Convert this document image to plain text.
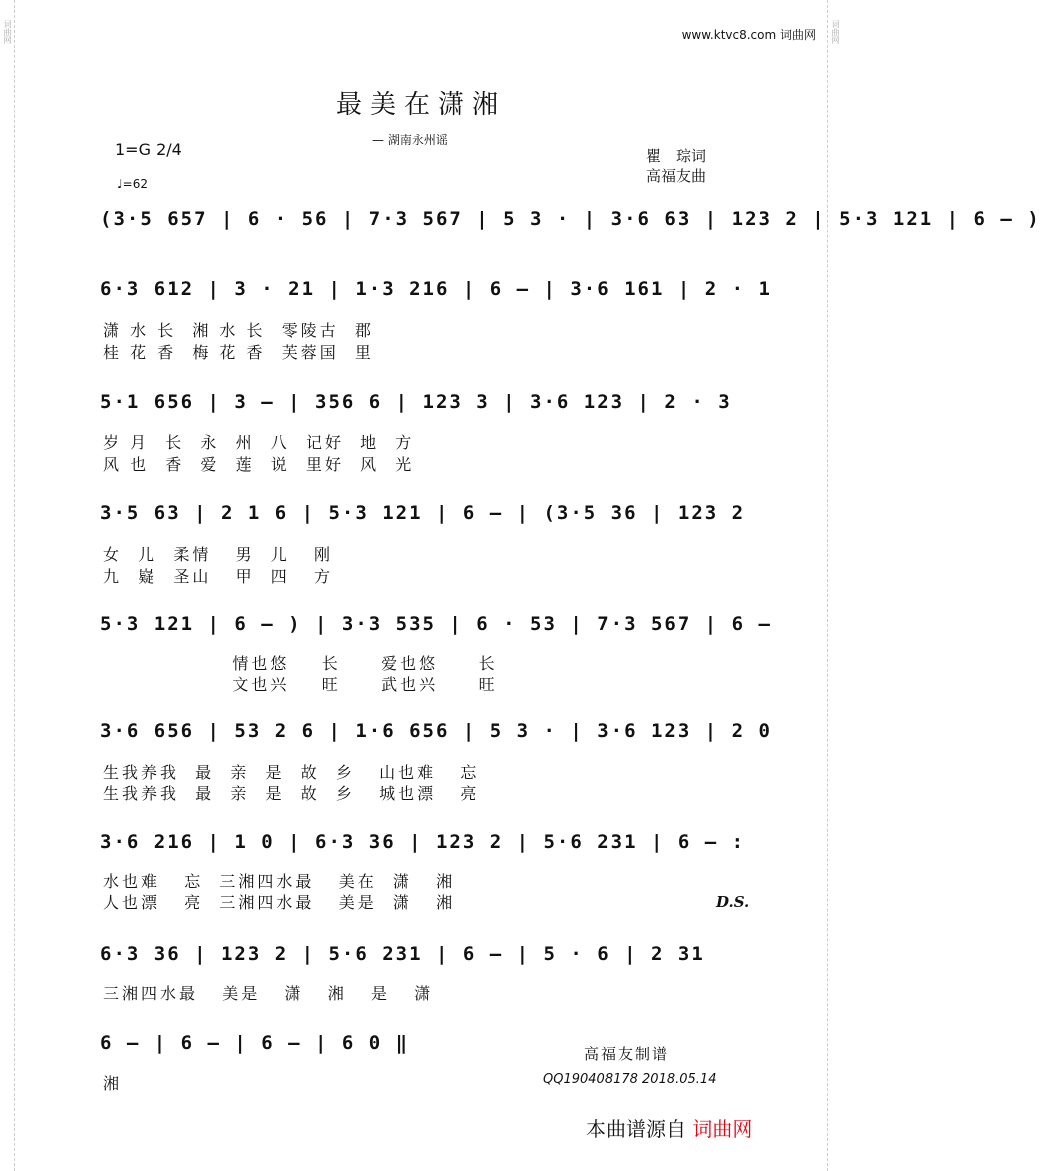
词曲网	词曲网
www.ktvc8.com 词曲网
最美在潇湘
— 湖南永州谣
1=G 2/4
♩=62
瞿　琮词
高福友曲
(3·5 657 | 6 · 56 | 7·3 567 | 5 3 · | 3·6 63 | 123 2 | 5·3 121 | 6 – )
6·3 612 | 3 · 21 | 1·3 216 | 6 – | 3·6 161 | 2 · 1
潇 水 长  湘 水 长  零陵古  郡
桂 花 香  梅 花 香  芙蓉国  里
5·1 656 | 3 – | 356 6 | 123 3 | 3·6 123 | 2 · 3
岁 月  长  永  州  八  记好  地  方
风 也  香  爱  莲  说  里好  风  光
3·5 63 | 2 1 6 | 5·3 121 | 6 – | (3·5 36 | 123 2
女  儿  柔情   男  儿   刚
九  嶷  圣山   甲  四   方
5·3 121 | 6 – ) | 3·3 535 | 6 · 53 | 7·3 567 | 6 –
情也悠    长     爱也悠     长
文也兴    旺     武也兴     旺
3·6 656 | 53 2 6 | 1·6 656 | 5 3 · | 3·6 123 | 2 0
生我养我  最  亲  是  故  乡   山也难   忘
生我养我  最  亲  是  故  乡   城也漂   亮
3·6 216 | 1 0 | 6·3 36 | 123 2 | 5·6 231 | 6 – :
水也难   忘  三湘四水最   美在  潇   湘
人也漂   亮  三湘四水最   美是  潇   湘	D.S.
6·3 36 | 123 2 | 5·6 231 | 6 – | 5 · 6 | 2 31
三湘四水最   美是   潇   湘   是   潇
6 – | 6 – | 6 – | 6 0 ‖
湘
高福友制谱
QQ190408178 2018.05.14
本曲谱源自 词曲网
